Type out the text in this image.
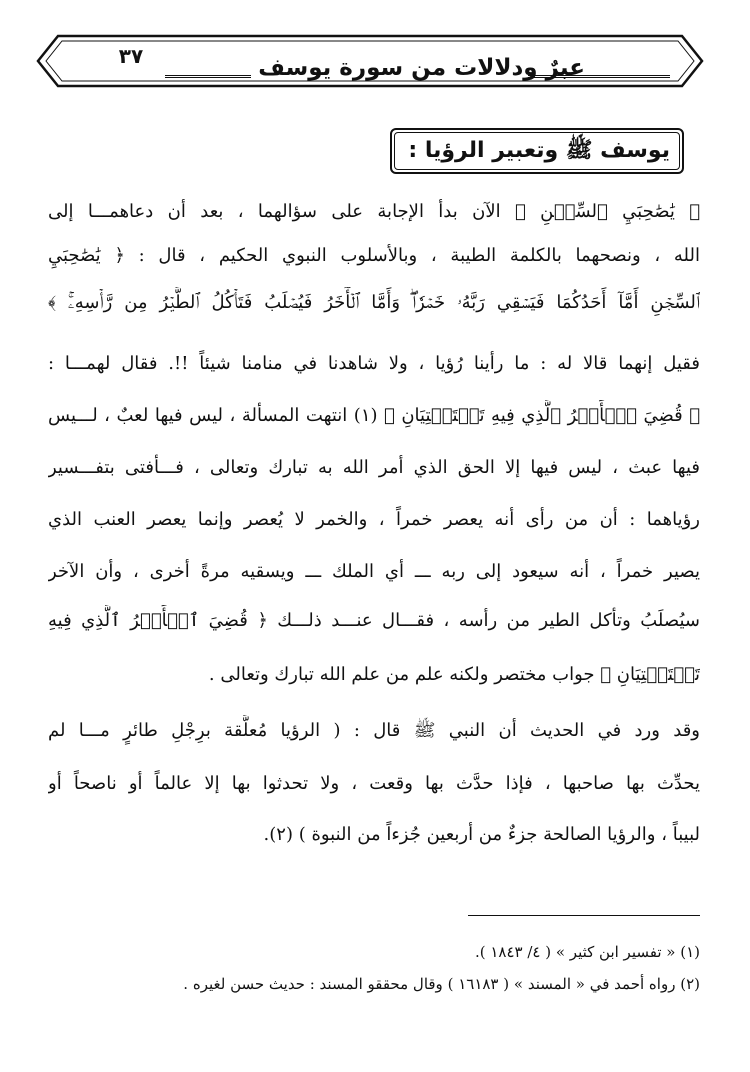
٣٧	عبرٌ ودلالات من سورة يوسف
يوسف ﷺ وتعبير الرؤيا :
﴿ يَٰصَٰحِبَيِ ٱلسِّجۡنِ ﴾ الآن بدأ الإجابة على سؤالهما ، بعد أن دعاهمـــا إلى
الله ، ونصحهما بالكلمة الطيبة ، وبالأسلوب النبوي الحكيم ، قال : ﴿ يَٰصَٰحِبَيِ
ٱلسِّجۡنِ أَمَّآ أَحَدُكُمَا فَيَسۡقِي رَبَّهُۥ خَمۡرٗاۖ وَأَمَّا ٱلۡأٓخَرُ فَيُصۡلَبُ فَتَأۡكُلُ ٱلطَّيۡرُ مِن رَّأۡسِهِۦۚ ﴾
فقيل إنهما قالا له : ما رأينا رُؤيا ، ولا شاهدنا في منامنا شيئاً !!. فقال لهمـــا :
﴿ قُضِيَ ٱلۡأَمۡرُ ٱلَّذِي فِيهِ تَسۡتَفۡتِيَانِ ﴾ (١) انتهت المسألة ، ليس فيها لعبٌ ، لـــيس
فيها عبث ، ليس فيها إلا الحق الذي أمر الله به تبارك وتعالى ، فـــأفتى بتفـــسير
رؤياهما : أن من رأى أنه يعصر خمراً ، والخمر لا يُعصر وإنما يعصر العنب الذي
يصير خمراً ، أنه سيعود إلى ربه ـــ أي الملك ـــ ويسقيه مرةً أخرى ، وأن الآخر
سيُصلَبُ وتأكل الطير من رأسه ، فقـــال عنـــد ذلـــك ﴿ قُضِيَ ٱلۡأَمۡرُ ٱلَّذِي فِيهِ
تَسۡتَفۡتِيَانِ ﴾ جواب مختصر ولكنه علم من علم الله تبارك وتعالى .
وقد ورد في الحديث أن النبي ﷺ قال : ( الرؤيا مُعلَّقة برِجْلِ طائرٍ مـــا لم
يحدِّث بها صاحبها ، فإذا حدَّث بها وقعت ، ولا تحدثوا بها إلا عالماً أو ناصحاً أو
لبيباً ، والرؤيا الصالحة جزءٌ من أربعين جُزءاً من النبوة ) (٢).
(١) « تفسير ابن كثير » ( ٤/ ١٨٤٣ ).
(٢) رواه أحمد في « المسند » ( ١٦١٨٣ ) وقال محققو المسند : حديث حسن لغيره .
